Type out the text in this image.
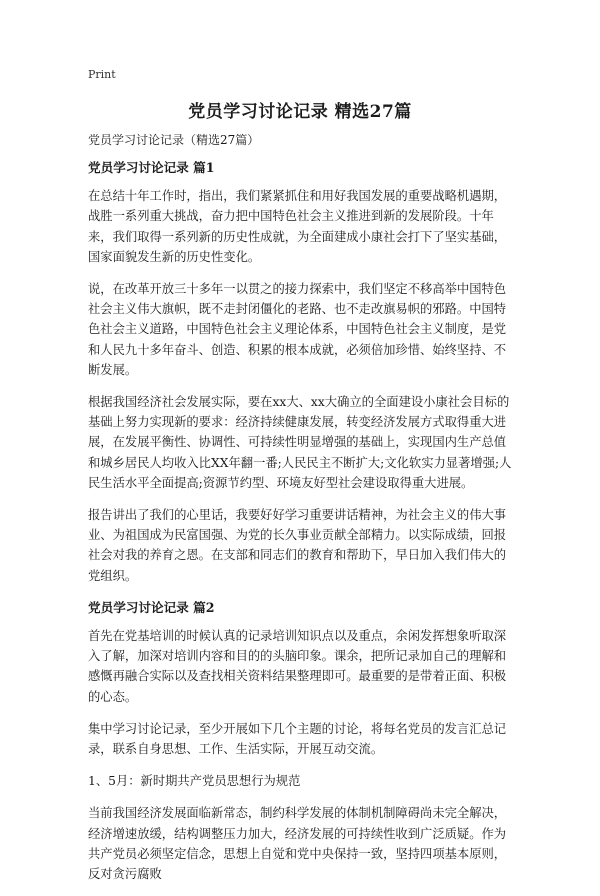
Print
党员学习讨论记录 精选27篇
党员学习讨论记录（精选27篇）
党员学习讨论记录 篇1

在总结十年工作时，指出，我们紧紧抓住和用好我国发展的重要战略机遇期，战胜一系列重大挑战，奋力把中国特色社会主义推进到新的发展阶段。十年来，我们取得一系列新的历史性成就，为全面建成小康社会打下了坚实基础，国家面貌发生新的历史性变化。

说，在改革开放三十多年一以贯之的接力探索中，我们坚定不移高举中国特色社会主义伟大旗帜，既不走封闭僵化的老路、也不走改旗易帜的邪路。中国特色社会主义道路，中国特色社会主义理论体系，中国特色社会主义制度，是党和人民九十多年奋斗、创造、积累的根本成就，必须倍加珍惜、始终坚持、不断发展。

根据我国经济社会发展实际，要在xx大、xx大确立的全面建设小康社会目标的基础上努力实现新的要求：经济持续健康发展，转变经济发展方式取得重大进展，在发展平衡性、协调性、可持续性明显增强的基础上，实现国内生产总值和城乡居民人均收入比XX年翻一番;人民民主不断扩大;文化软实力显著增强;人民生活水平全面提高;资源节约型、环境友好型社会建设取得重大进展。

报告讲出了我们的心里话，我要好好学习重要讲话精神，为社会主义的伟大事业、为祖国成为民富国强、为党的长久事业贡献全部精力。以实际成绩，回报社会对我的养育之恩。在支部和同志们的教育和帮助下，早日加入我们伟大的党组织。

党员学习讨论记录 篇2

首先在党基培训的时候认真的记录培训知识点以及重点，余闲发挥想象听取深入了解，加深对培训内容和目的的头脑印象。课余，把所记录加自己的理解和感慨再融合实际以及查找相关资料结果整理即可。最重要的是带着正面、积极的心态。

集中学习讨论记录，至少开展如下几个主题的讨论，将每名党员的发言汇总记录，联系自身思想、工作、生活实际，开展互动交流。

1、5月：新时期共产党员思想行为规范

当前我国经济发展面临新常态，制约科学发展的体制机制障碍尚未完全解决，经济增速放缓，结构调整压力加大，经济发展的可持续性收到广泛质疑。作为共产党员必须坚定信念，思想上自觉和党中央保持一致，坚持四项基本原则，反对贪污腐败
